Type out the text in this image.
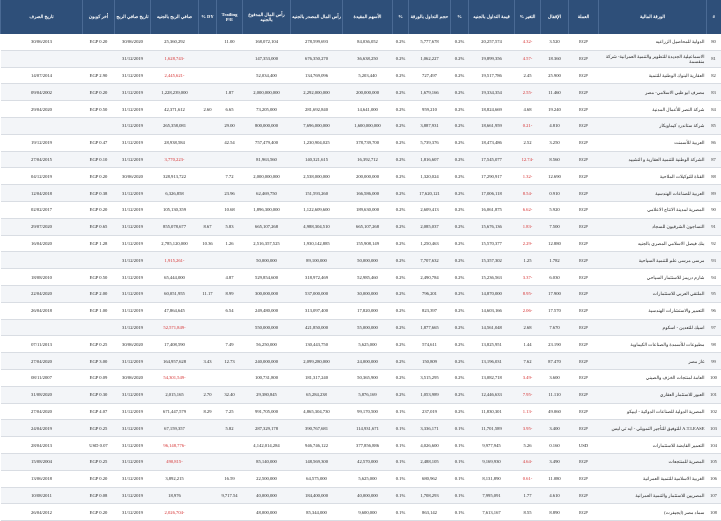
#	الورقة المالية	العملة	الإقفال	التغير %	قيمة التداول بالجنيه	%	حجم التداول بالورقة	%	الأسهم المقيدة	رأس المال المصدر بالجنيه	رأس المال المدفوع بالجنيه	Trailing P/E	DY %	صافي الربح بالجنيه	تاريخ صافي الربح	أخر كوبون	تاريخ الصرف
80	الدولية للمحاصيل الزراعيه	EGP	3.520	-4.32	20,257,574	0.2%	5,777,678	0.2%	84,036,052	278,599,693	168,072,104	11.00		25,360,292	30/06/2020	EGP 0.20	30/06/2013
81	الاسماعيلية الجديدة للتطوير والتنمية العمرانية- شركة منقسمة	EGP	18.360	-4.57	19,899,356	0.2%	1,062,227	0.2%	36,638,250	676,350,270	147,353,000			-1,628,743	31/12/2019		
82	العقارية البنوك الوطنية للتنمية	EGP	25.900	2.45	19,517,786	0.2%	727,497	0.2%	5,203,440	134,769,096	52,034,400			-2,445,621	31/12/2019	EGP 2.90	14/07/2014
83	مصرف ابو ظبي الاسلامي- مصر	EGP	11.460	-2.55	19,334,354	0.2%	1,679,166	0.2%	200,000,000	2,292,000,000	2,000,000,000	1.87		1,228,239,000	31/12/2019	EGP 0.20	09/04/2002
84	شركة النصر للأعمال المدنية	EGP	19.240	4.68	18,824,669	0.2%	959,210	0.2%	14,641,000	281,692,840	73,205,000	6.65	2.60	42,371,612	31/12/2019	EGP 0.50	29/04/2020
85	شركة ستاندرد كيماويكار	EGP	4.810	-0.21	18,661,959	0.2%	3,887,931	0.2%	1,600,000,000	7,696,000,000	800,000,000	29.00		265,358,081	31/12/2019		
86	العربية للأسمنت	EGP	3.250	2.52	18,473,486	0.2%	5,739,376	0.2%	378,739,700	1,230,904,025	757,479,400	42.54		28,938,584	31/12/2019	EGP 0.47	19/12/2019
87	الشركة الوطنية للتنمية العقارية و التشييد	EGP	8.560	-12.74	17,545,077	0.2%	1,816,607	0.2%	16,392,712	140,321,615	81,963,560			-3,770,223	31/12/2019	EGP 0.10	27/04/2015
88	القناة للتوكيلات الملاحية	EGP	12.690	-1.32	17,290,917	0.2%	1,320,024	0.2%	200,000,000	2,538,000,000	2,000,000,000	7.72		328,913,722	30/06/2020	EGP 0.20	04/12/2019
89	العربية للصناعات الهندسية	EGP	0.910	-8.54	17,006,118	0.2%	17,620,121	0.2%	166,586,000	151,593,260	62,469,750	23.96		6,326,858	31/12/2019	EGP 0.38	12/04/2018
90	المصرية لمدينة الانتاج الاعلامي	EGP	5.920	-6.62	16,061,875	0.2%	2,609,413	0.2%	189,630,000	1,122,609,600	1,896,300,000	10.68		105,130,359	31/12/2019	EGP 0.20	02/02/2017
91	النساجون الشرقيون للسجاد	EGP	7.500	-1.83	15,676,136	0.2%	2,085,037	0.2%	665,107,268	4,988,304,510	665,107,268	5.83	8.67	855,078,677	31/12/2019	EGP 0.65	29/07/2020
92	بنك فيصل الاسلامي المصري بالجنيه	EGP	12.880	-2.29	15,570,377	0.2%	1,250,463	0.2%	155,908,149	1,930,142,885	2,516,357,525	1.26	10.36	2,785,120,000	31/12/2019	EGP 1.28	16/04/2020
93	مرسى مرسى علم للتنمية السياحية	EGP	1.782	1.25	15,357,302	0.2%	7,707,632	0.2%	50,000,000	89,100,000	50,000,000			-1,915,261	31/12/2019		
94	شارم دريمز للاستثمار السياحي	EGP	6.030	-3.37	15,236,563	0.2%	2,490,784	0.2%	52,985,460	318,972,469	529,854,600	4.87		65,444,000	31/12/2019	EGP 0.50	18/08/2010
95	الملتقي العربي للاستثمارات	EGP	17.900	-8.95	14,870,000	0.2%	796,201	0.2%	30,000,000	537,000,000	300,000,000	8.99	11.17	60,051,955	31/12/2019	EGP 2.00	22/04/2020
96	التعمير والاستشارات الهندسية	EGP	17.570	-2.06	14,603,166	0.2%	823,397	0.2%	17,820,000	313,097,400	249,480,000	6.54		47,864,645	31/12/2019	EGP 1.00	26/04/2018
97	اسيك للتعدين - اسكوم	EGP	7.670	2.68	14,561,048	0.2%	1,877,665	0.2%	55,000,000	421,850,000	550,000,000			-52,571,849	31/12/2019		
98	مطبوعات للأسمدة والصناعات الكيماوية	EGP	23.190	1.44	13,825,951	0.2%	574,611	0.2%	5,625,000	130,443,750	56,250,000	7.49		17,408,590	30/06/2020	EGP 0.25	07/11/2013
99	غاز مصر	EGP	87.470	7.62	13,196,031	0.2%	150,809	0.2%	24,000,000	2,099,280,000	240,000,000	12.73	3.43	164,957,628	31/12/2019	EGP 3.00	27/04/2020
100	العامة لمنتجات الخزف والصيني	EGP	3.600	-3.49	13,082,718	0.2%	3,515,295	0.2%	50,365,900	181,317,240	100,731,800			-54,301,549	30/06/2020	EGP 0.09	08/11/2007
101	العبور للاستثمار العقاري	EGP	11.110	-7.95	12,446,633	0.2%	1,053,989	0.2%	5,876,169	65,284,238	29,380,845	32.40	2.70	2,015,165	31/12/2019	EGP 0.30	31/08/2020
102	المصرية الدولية للصناعات الدوائية - ايبيكو	EGP	49.060	-1.13	11,830,301	0.2%	237,019	0.1%	99,170,500	4,865,304,730	991,705,000	7.25	8.29	671,447,579	31/12/2019	EGP 4.07	27/04/2020
103	A.T.LEASE للتوفيق للتأجير التمويلي - ايه تي ليس	EGP	3.400	-3.95	11,701,589	0.1%	3,336,171	0.1%	114,931,671	390,767,681	287,329,178	5.82		67,159,357	31/12/2019	EGP 0.25	24/04/2019
104	التعمير القابضة للاستثمارات	USD	0.160	5.26	9,977,945	0.1%	4,026,600	0.1%	377,856,886	946,746,122	4,142,014,284			-96,148,776	31/12/2019	USD 0.07	28/04/2013
105	المصرية للمنتجعات	EGP	3.490	-4.64	9,169,930	0.1%	2,488,105	0.1%	42,570,000	148,569,300	85,140,000			-490,815	31/12/2019	EGP 0.25	15/08/2004
106	الغربية الاسلامية للتنمية العمرانية	EGP	11.080	-0.61	8,131,890	0.1%	680,962	0.1%	5,625,000	64,575,000	22,500,000	16.59		3,892,215	31/12/2019	EGP 0.20	13/06/2018
107	المصريين للاستثمار والتنمية العمرانية	EGP	4.610	1.77	7,995,091	0.1%	1,708,293	0.1%	40,000,000	184,400,000	40,000,000	9,717.54		18,976	31/12/2019	EGP 0.08	10/08/2011
108	سماد مصر (ايجيفرت)	EGP	8.890	8.55	7,613,167	0.1%	863,142	0.1%	9,600,000	85,344,000	48,000,000			-2,026,704	31/12/2019	EGP 0.20	26/04/2012
